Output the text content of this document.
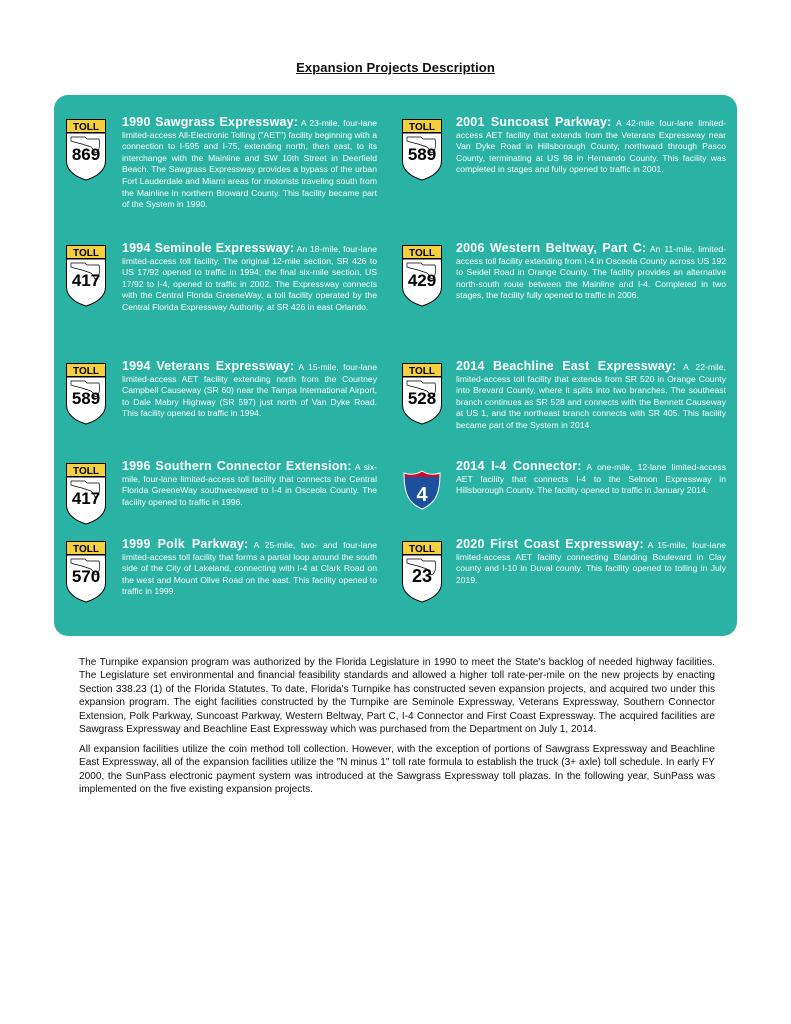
Expansion Projects Description
TOLL
869
1990 Sawgrass Expressway: A 23-mile, four-lane limited-access All-Electronic Tolling ("AET") facility beginning with a connection to I-595 and I-75, extending north, then east, to its interchange with the Mainline and SW 10th Street in Deerfield Beach. The Sawgrass Expressway provides a bypass of the urban Fort Lauderdale and Miami areas for motorists traveling south from the Mainline in northern Broward County. This facility became part of the System in 1990.
TOLL
417
1994 Seminole Expressway: An 18-mile, four-lane limited-access toll facility. The original 12-mile section, SR 426 to US 17/92 opened to traffic in 1994; the final six-mile section, US 17/92 to I-4, opened to traffic in 2002. The Expressway connects with the Central Florida GreeneWay, a toll facility operated by the Central Florida Expressway Authority, at SR 426 in east Orlando.
TOLL
589
1994 Veterans Expressway: A 15-mile, four-lane limited-access AET facility extending north from the Courtney Campbell Causeway (SR 60) near the Tampa International Airport, to Dale Mabry Highway (SR 597) just north of Van Dyke Road. This facility opened to traffic in 1994.
TOLL
417
1996 Southern Connector Extension: A six-mile, four-lane limited-access toll facility that connects the Central Florida GreeneWay southwestward to I-4 in Osceola County. The facility opened to traffic in 1996.
TOLL
570
1999 Polk Parkway: A 25-mile, two- and four-lane limited-access toll facility that forms a partial loop around the south side of the City of Lakeland, connecting with I-4 at Clark Road on the west and Mount Olive Road on the east. This facility opened to traffic in 1999.
TOLL
589
2001 Suncoast Parkway: A 42-mile four-lane limited-access AET facility that extends from the Veterans Expressway near Van Dyke Road in Hillsborough County, northward through Pasco County, terminating at US 98 in Hernando County. This facility was completed in stages and fully opened to traffic in 2001.
TOLL
429
2006 Western Beltway, Part C: An 11-mile, limited-access toll facility extending from I-4 in Osceola County across US 192 to Seidel Road in Orange County. The facility provides an alternative north-south route between the Mainline and I-4. Completed in two stages, the facility fully opened to traffic in 2006.
TOLL
528
2014 Beachline East Expressway: A 22-mile, limited-access toll facility that extends from SR 520 in Orange County into Brevard County, where it splits into two branches. The southeast branch continues as SR 528 and connects with the Bennett Causeway at US 1, and the northeast branch connects with SR 405. This facility became part of the System in 2014.
4
2014 I-4 Connector: A one-mile, 12-lane limited-access AET facility that connects I-4 to the Selmon Expressway in Hillsborough County. The facility opened to traffic in January 2014.
TOLL
23
2020 First Coast Expressway: A 15-mile, four-lane limited-access AET facility connecting Blanding Boulevard in Clay county and I-10 in Duval county. This facility opened to tolling in July 2019.
The Turnpike expansion program was authorized by the Florida Legislature in 1990 to meet the State's backlog of needed highway facilities. The Legislature set environmental and financial feasibility standards and allowed a higher toll rate-per-mile on the new projects by enacting Section 338.23 (1) of the Florida Statutes. To date, Florida's Turnpike has constructed seven expansion projects, and acquired two under this expansion program. The eight facilities constructed by the Turnpike are Seminole Expressway, Veterans Expressway, Southern Connector Extension, Polk Parkway, Suncoast Parkway, Western Beltway, Part C, I-4 Connector and First Coast Expressway. The acquired facilities are Sawgrass Expressway and Beachline East Expressway which was purchased from the Department on July 1, 2014.
All expansion facilities utilize the coin method toll collection. However, with the exception of portions of Sawgrass Expressway and Beachline East Expressway, all of the expansion facilities utilize the "N minus 1" toll rate formula to establish the truck (3+ axle) toll schedule. In early FY 2000, the SunPass electronic payment system was introduced at the Sawgrass Expressway toll plazas. In the following year, SunPass was implemented on the five existing expansion projects.
